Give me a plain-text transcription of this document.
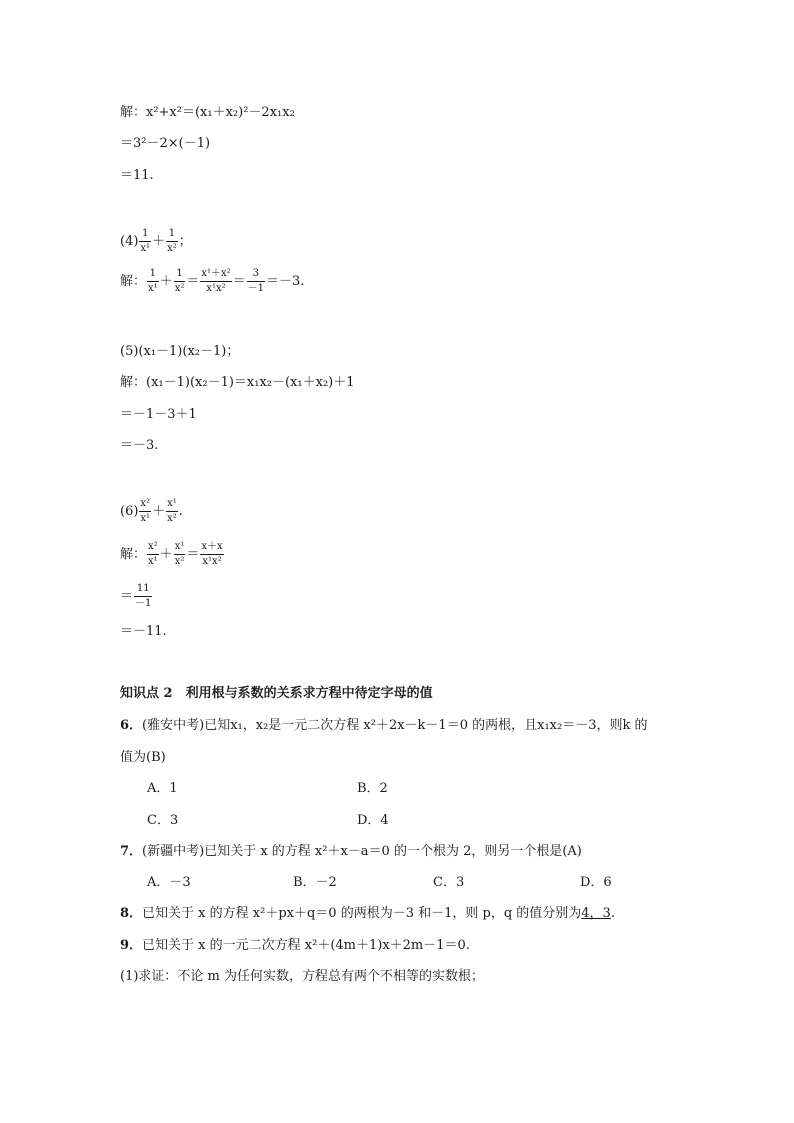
解：x²+x²＝(x₁＋x₂)²－2x₁x₂
＝3²－2×(－1)
＝11.
$(4) \frac{1}{\text{x¹}} + \frac{1}{\text{x²}}$ ；
解： $\frac{1}{\text{x¹}} + \frac{1}{\text{x²}} = \frac{\text{x¹＋x²}}{\text{x¹x²}} = \frac{3}{-1} =-3$.
(5)(x₁－1)(x₂－1)；
解：(x₁－1)(x₂－1)＝x₁x₂－(x₁＋x₂)＋1
＝－1－3＋1
＝－3.
$(6) \frac{\text{x²}}{\text{x¹}} + \frac{\text{x¹}}{\text{x²}}$ .
解： $\frac{\text{x²}}{\text{x¹}} + \frac{\text{x¹}}{\text{x²}} = \frac{x+x}{\text{x¹x²}}$
＝ $\frac{11}{-1}$
＝－11.
知识点 2　利用根与系数的关系求方程中待定字母的值
6．(雅安中考)已知x₁，x₂是一元二次方程 x²＋2x－k－1＝0 的两根，且x₁x₂＝－3，则k 的
值为(B)
A．1	B．2
C．3	D．4
7．(新疆中考)已知关于 x 的方程 x²＋x－a＝0 的一个根为 2，则另一个根是(A)
A．－3	B．－2	C．3	D．6
8．已知关于 x 的方程 x²＋px＋q＝0 的两根为－3 和－1，则 p，q 的值分别为4，3.
9．已知关于 x 的一元二次方程 x²＋(4m＋1)x＋2m－1＝0.
(1)求证：不论 m 为任何实数，方程总有两个不相等的实数根；
